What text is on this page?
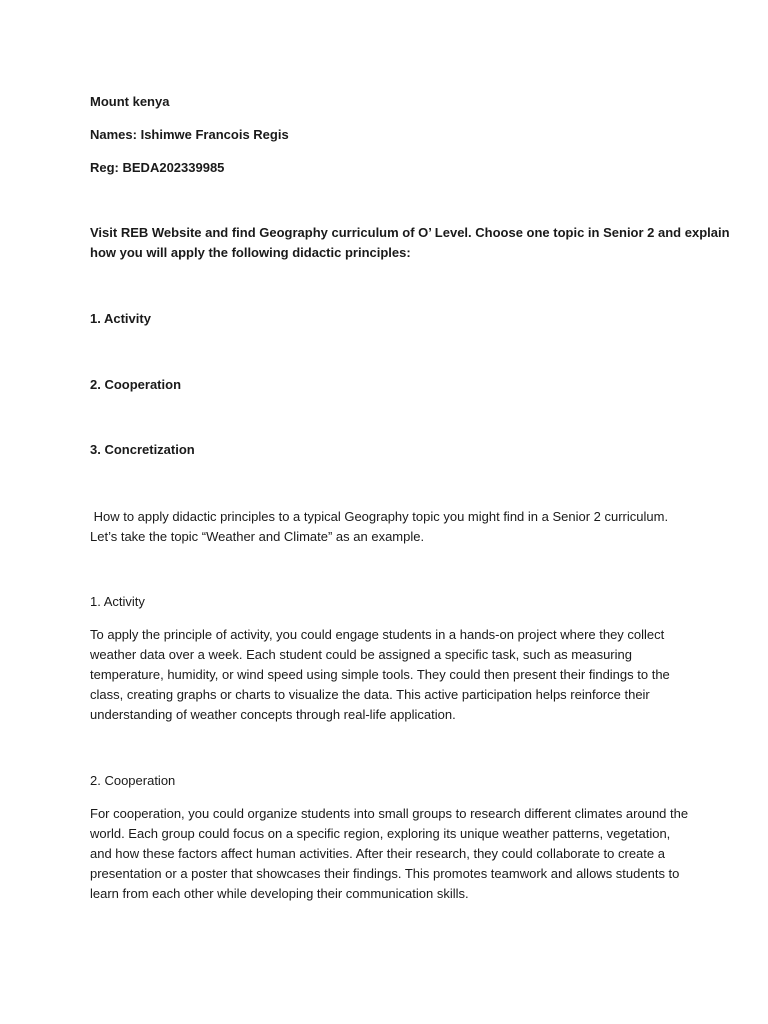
Mount kenya
Names: Ishimwe Francois Regis
Reg: BEDA202339985
Visit REB Website and find Geography curriculum of O’ Level. Choose one topic in Senior 2 and explain
how you will apply the following didactic principles:
1. Activity
2. Cooperation
3. Concretization
How to apply didactic principles to a typical Geography topic you might find in a Senior 2 curriculum.
Let’s take the topic “Weather and Climate” as an example.
1. Activity
To apply the principle of activity, you could engage students in a hands-on project where they collect
weather data over a week. Each student could be assigned a specific task, such as measuring
temperature, humidity, or wind speed using simple tools. They could then present their findings to the
class, creating graphs or charts to visualize the data. This active participation helps reinforce their
understanding of weather concepts through real-life application.
2. Cooperation
For cooperation, you could organize students into small groups to research different climates around the
world. Each group could focus on a specific region, exploring its unique weather patterns, vegetation,
and how these factors affect human activities. After their research, they could collaborate to create a
presentation or a poster that showcases their findings. This promotes teamwork and allows students to
learn from each other while developing their communication skills.
